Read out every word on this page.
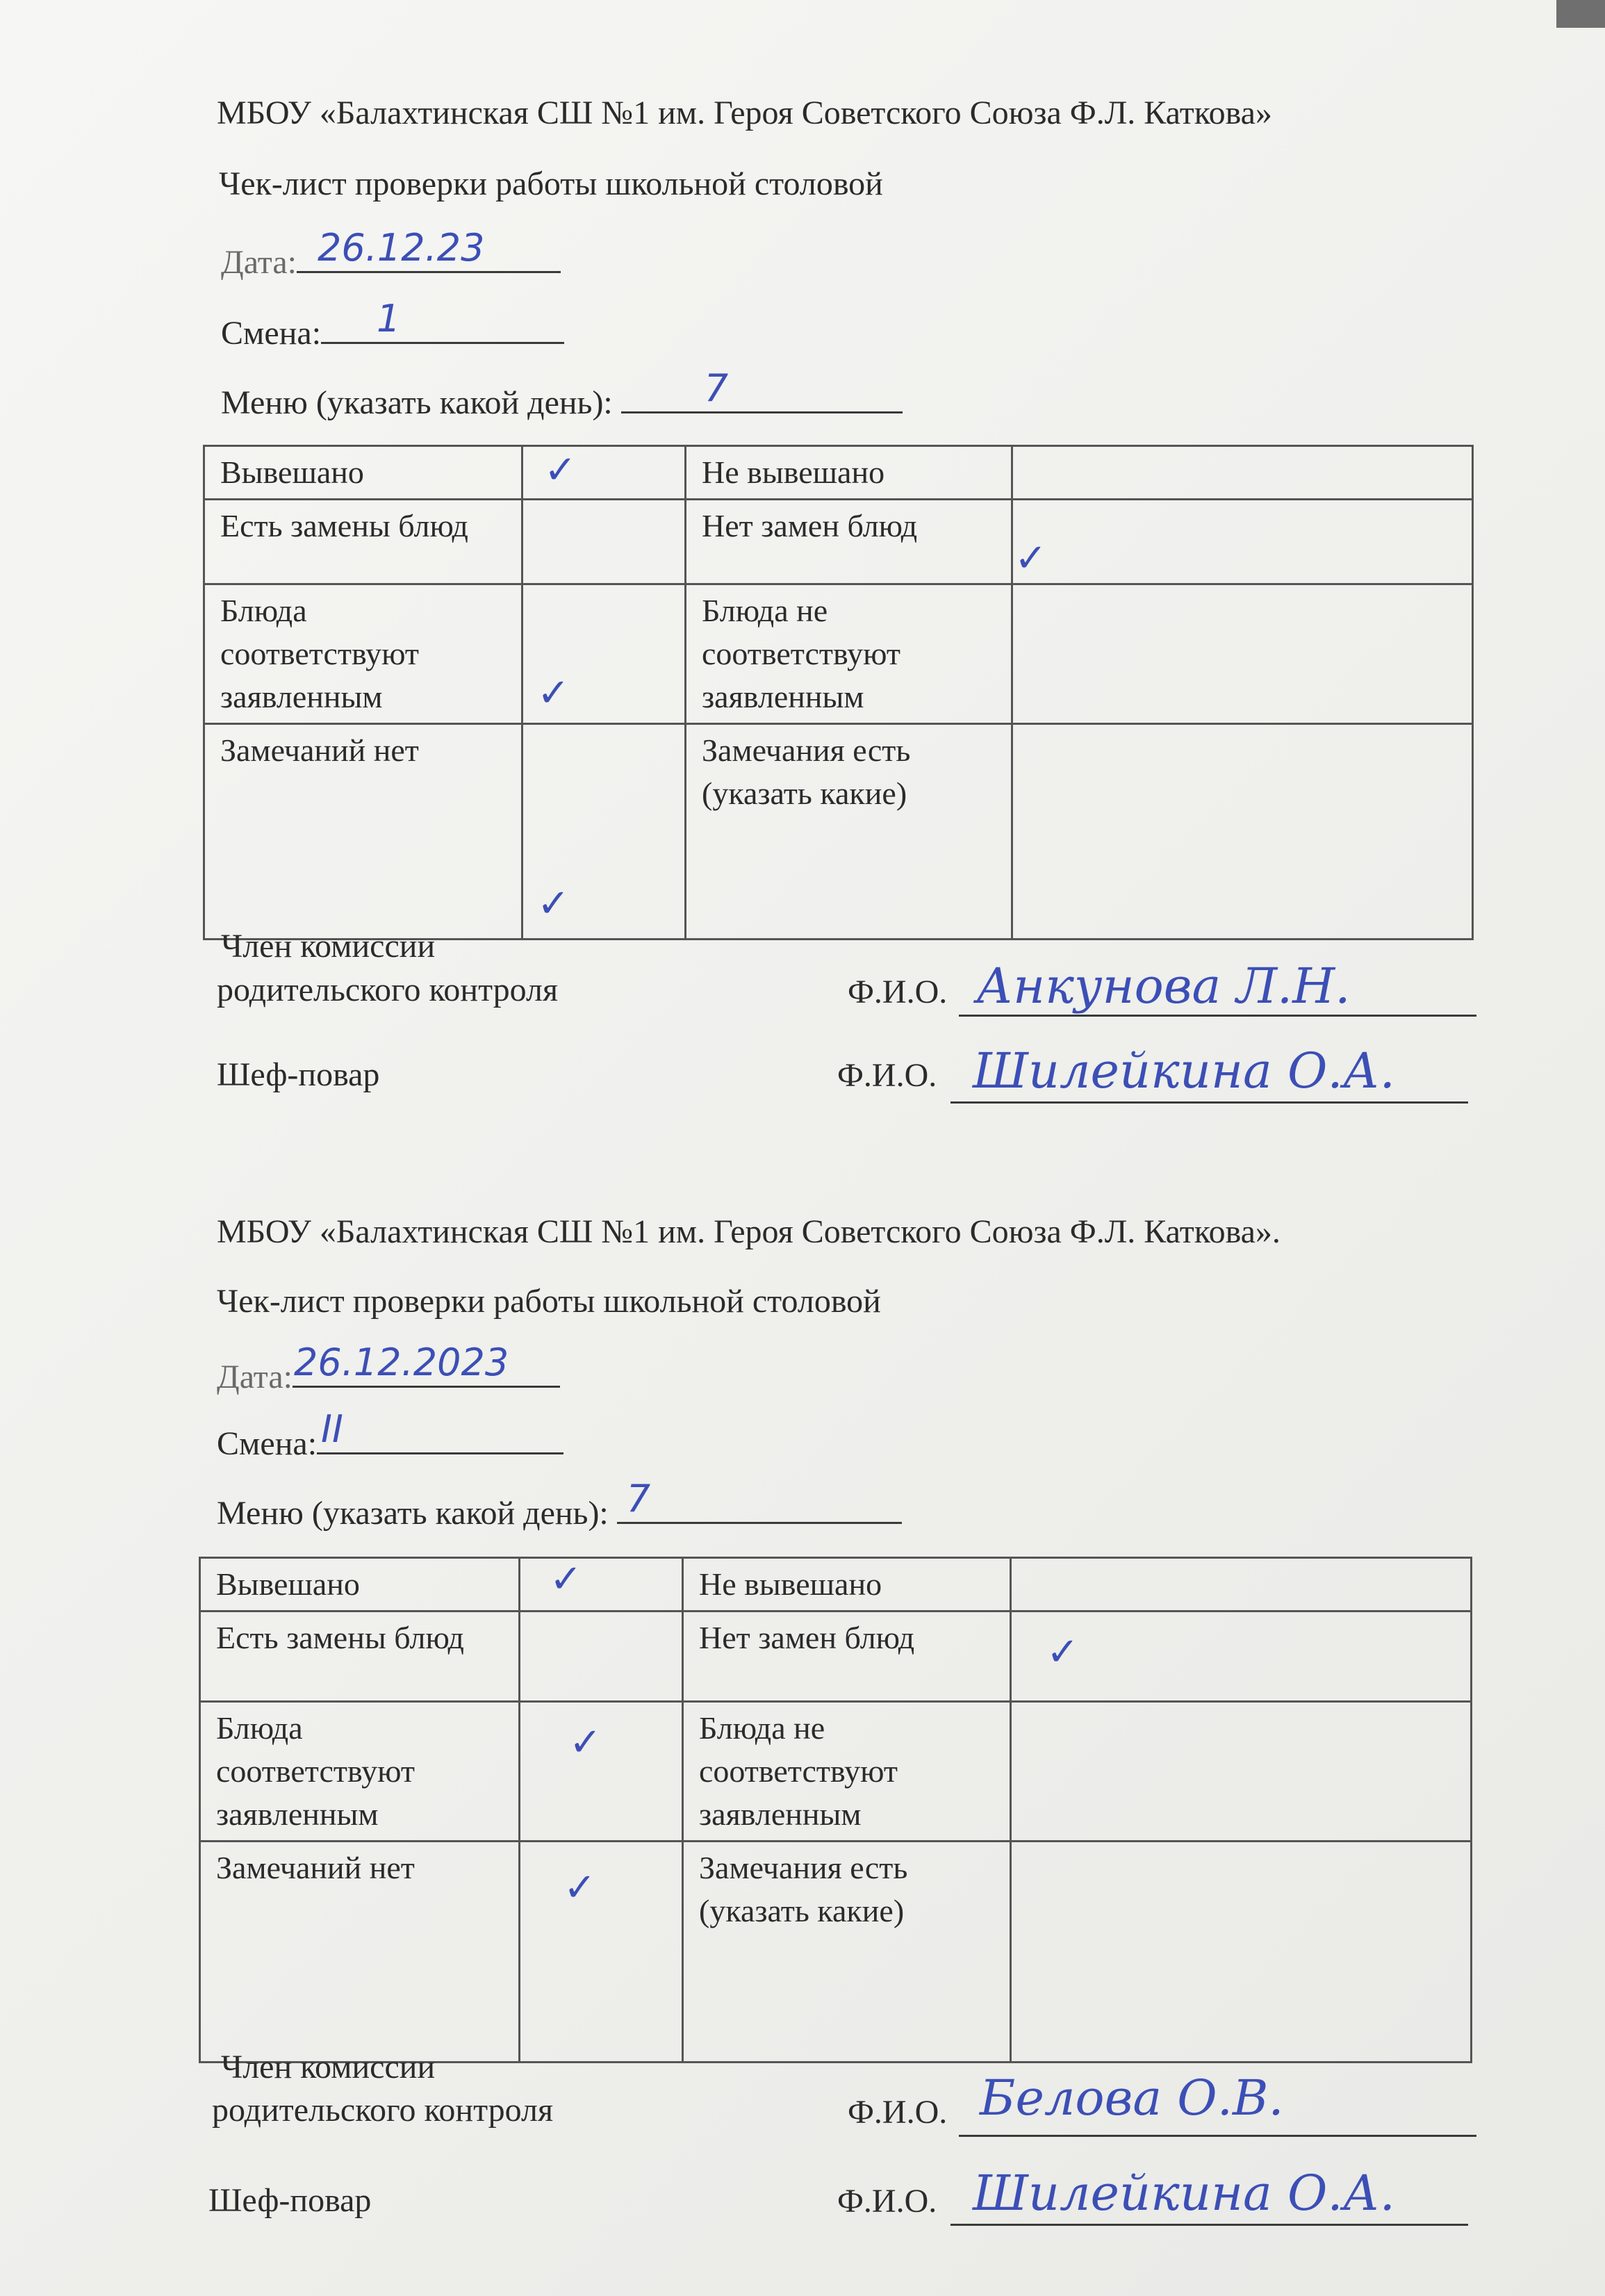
МБОУ «Балахтинская СШ №1 им. Героя Советского Союза Ф.Л. Каткова»
Чек-лист проверки работы школьной столовой
Дата: 26.12.23
Смена: 1
Меню (указать какой день): 7
Вывешано	✓	Не вывешано	

Есть замены блюд		Нет замен блюд	✓

Блюда соответствуют заявленным	✓	Блюда не соответствуют заявленным	

Замечаний нет	✓	Замечания есть (указать какие)	
Член комиссии
родительского контроля	Ф.И.О. Анкунова Л.Н.
Шеф-повар	Ф.И.О. Шилейкина О.А.
МБОУ «Балахтинская СШ №1 им. Героя Советского Союза Ф.Л. Каткова».
Чек-лист проверки работы школьной столовой
Дата: 26.12.2023
Смена: II
Меню (указать какой день): 7
Вывешано	✓	Не вывешано	

Есть замены блюд		Нет замен блюд	✓

Блюда соответствуют заявленным	✓	Блюда не соответствуют заявленным	

Замечаний нет	✓	Замечания есть (указать какие)	
Член комиссии
родительского контроля	Ф.И.О. Белова О.В.
Шеф-повар	Ф.И.О. Шилейкина О.А.
